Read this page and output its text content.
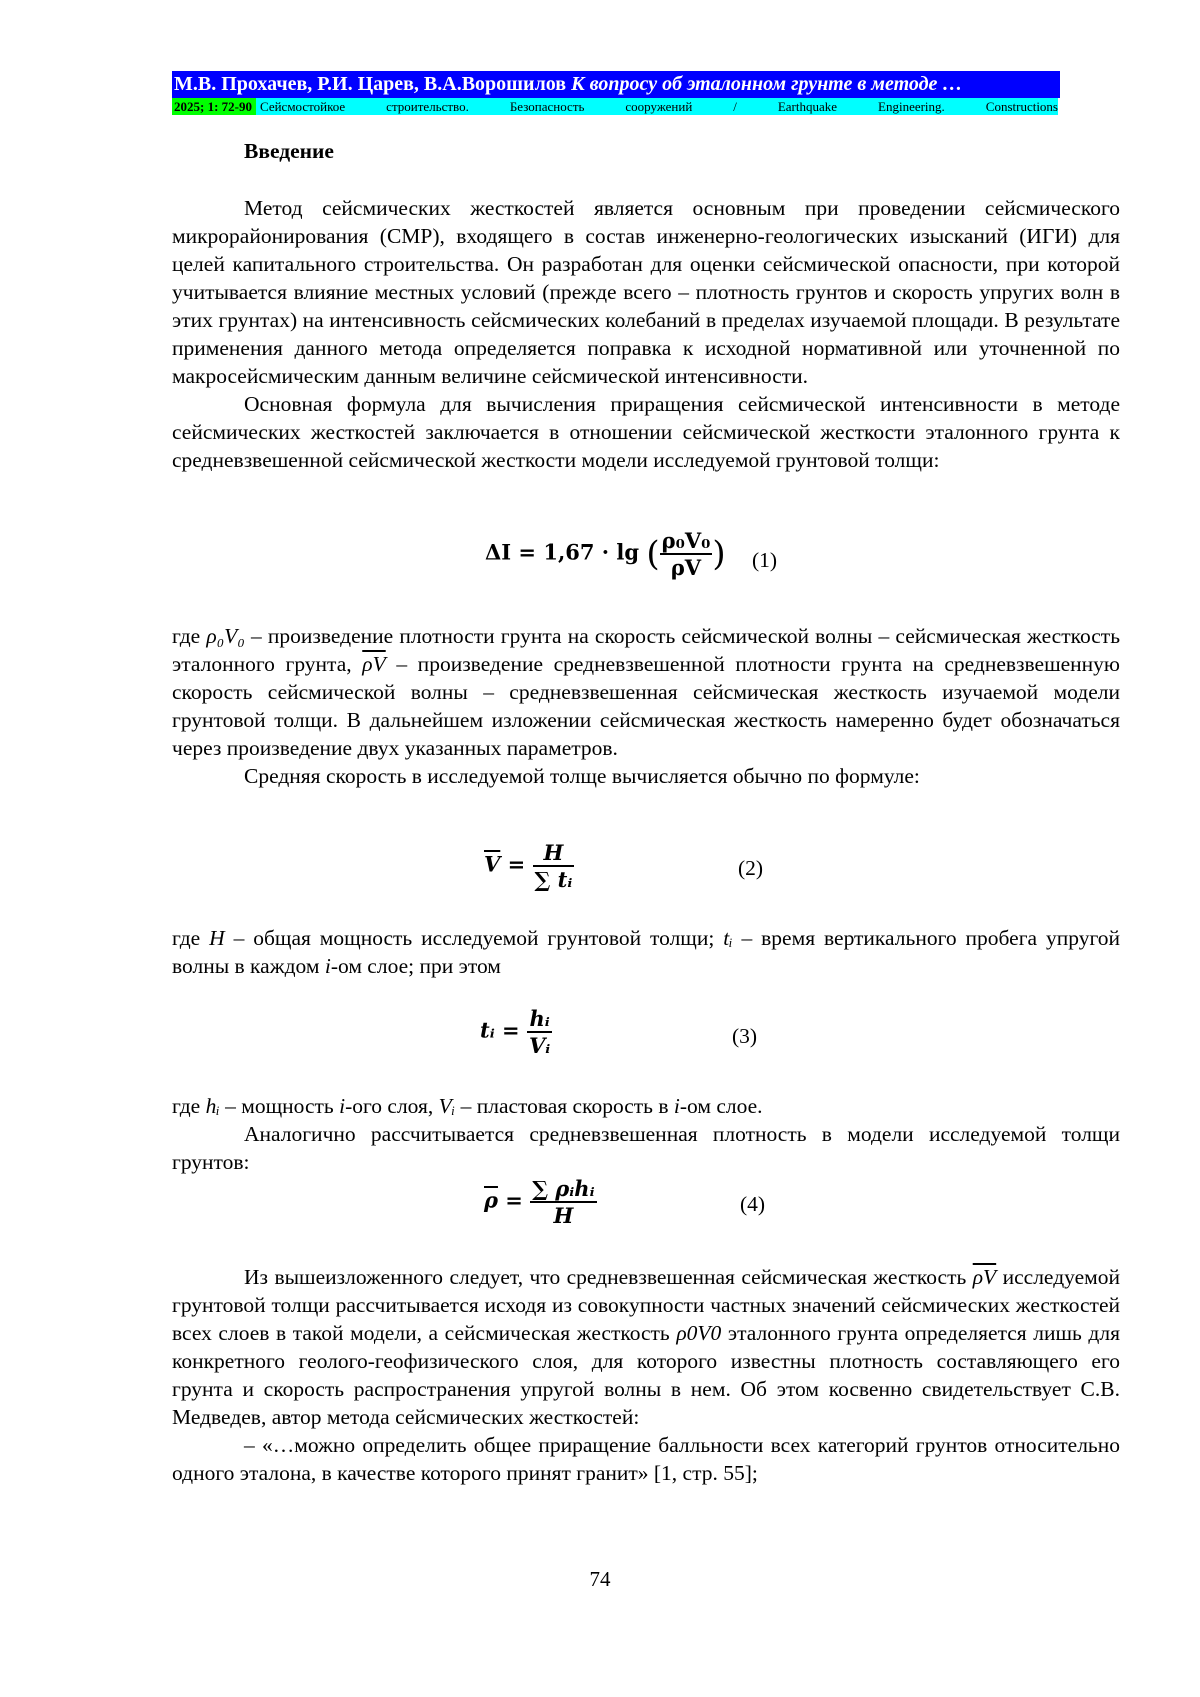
М.В. Прохачев, Р.И. Царев, В.А.Ворошилов К вопросу об эталонном грунте в методе …
2025; 1: 72-90 Сейсмостойкое строительство. Безопасность сооружений / Earthquake Engineering. Constructions
Введение

Метод сейсмических жесткостей является основным при проведении сейсмического микрорайонирования (СМР), входящего в состав инженерно-геологических изысканий (ИГИ) для целей капитального строительства. Он разработан для оценки сейсмической опасности, при которой учитывается влияние местных условий (прежде всего – плотность грунтов и скорость упругих волн в этих грунтах) на интенсивность сейсмических колебаний в пределах изучаемой площади. В результате применения данного метода определяется поправка к исходной нормативной или уточненной по макросейсмическим данным величине сейсмической интенсивности.

Основная формула для вычисления приращения сейсмической интенсивности в методе сейсмических жесткостей заключается в отношении сейсмической жесткости эталонного грунта к средневзвешенной сейсмической жесткости модели исследуемой грунтовой толщи:

ΔI = 1,67 · lg ( ρ₀V₀
ρV ) (1)

где ρ₀V₀ – произведение плотности грунта на скорость сейсмической волны – сейсмическая жесткость эталонного грунта, ρV – произведение средневзвешенной плотности грунта на средневзвешенную скорость сейсмической волны – средневзвешенная сейсмическая жесткость изучаемой модели грунтовой толщи. В дальнейшем изложении сейсмическая жесткость намеренно будет обозначаться через произведение двух указанных параметров.

Средняя скорость в исследуемой толще вычисляется обычно по формуле:

V = H
∑ tᵢ	(2)

где H – общая мощность исследуемой грунтовой толщи; tᵢ – время вертикального пробега упругой волны в каждом i-ом слое; при этом

tᵢ = hᵢ
Vᵢ	(3)

где hᵢ – мощность i-ого слоя, Vᵢ – пластовая скорость в i-ом слое.

Аналогично рассчитывается средневзвешенная плотность в модели исследуемой толщи грунтов:

ρ = ∑ ρᵢhᵢ
H	(4)

Из вышеизложенного следует, что средневзвешенная сейсмическая жесткость ρV исследуемой грунтовой толщи рассчитывается исходя из совокупности частных значений сейсмических жесткостей всех слоев в такой модели, а сейсмическая жесткость ρ0V0 эталонного грунта определяется лишь для конкретного геолого-геофизического слоя, для которого известны плотность составляющего его грунта и скорость распространения упругой волны в нем. Об этом косвенно свидетельствует С.В. Медведев, автор метода сейсмических жесткостей:

– «…можно определить общее приращение балльности всех категорий грунтов относительно одного эталона, в качестве которого принят гранит» [1, стр. 55];

74
